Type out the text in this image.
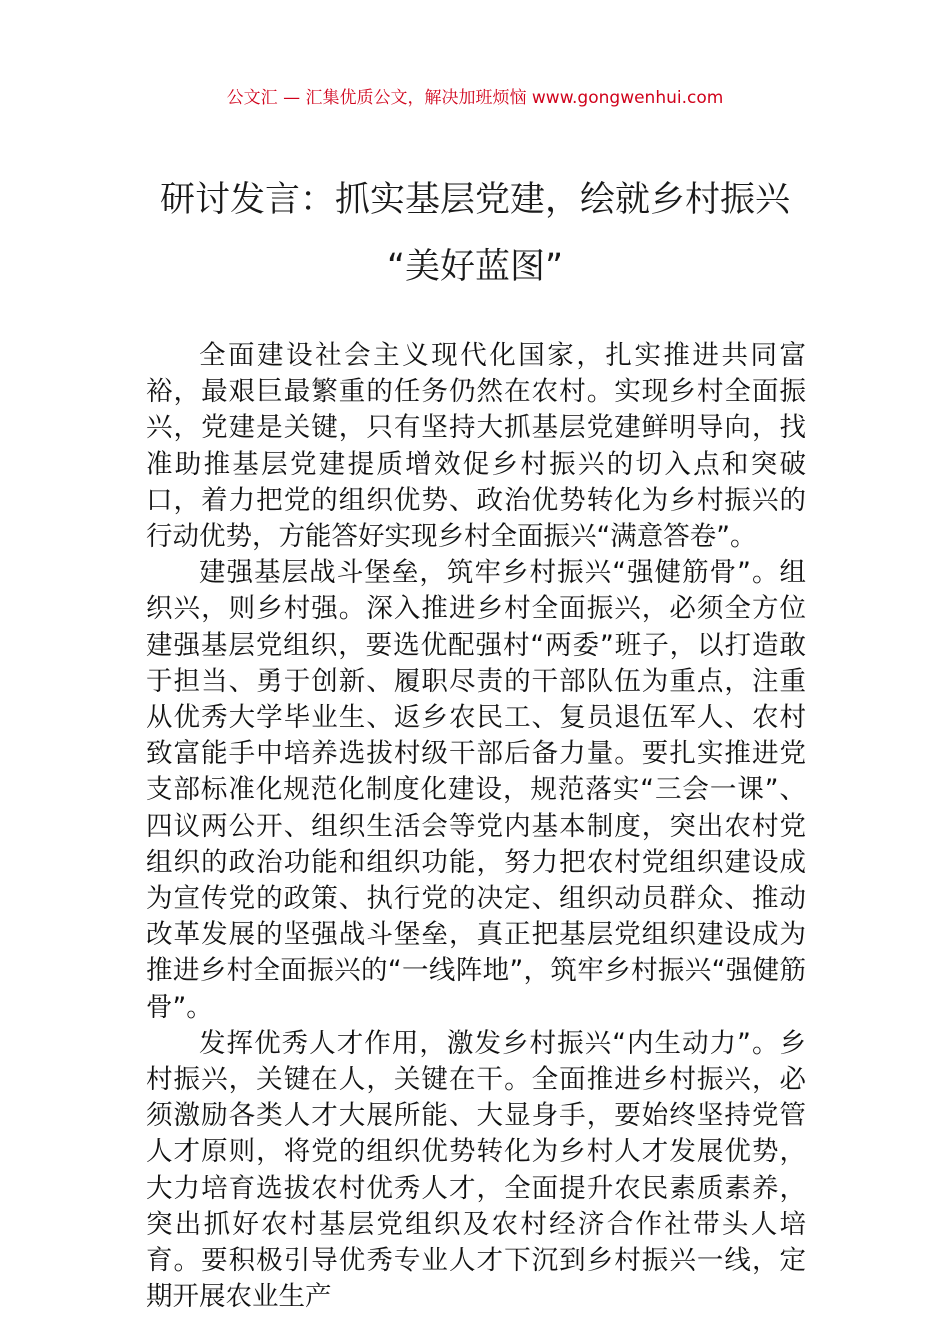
公文汇 — 汇集优质公文，解决加班烦恼 www.gongwenhui.com
研讨发言：抓实基层党建，绘就乡村振兴
“美好蓝图”

全面建设社会主义现代化国家，扎实推进共同富裕，最艰巨最繁重的任务仍然在农村。实现乡村全面振兴，党建是关键，只有坚持大抓基层党建鲜明导向，找准助推基层党建提质增效促乡村振兴的切入点和突破口，着力把党的组织优势、政治优势转化为乡村振兴的行动优势，方能答好实现乡村全面振兴“满意答卷”。

建强基层战斗堡垒，筑牢乡村振兴“强健筋骨”。组织兴，则乡村强。深入推进乡村全面振兴，必须全方位建强基层党组织，要选优配强村“两委”班子，以打造敢于担当、勇于创新、履职尽责的干部队伍为重点，注重从优秀大学毕业生、返乡农民工、复员退伍军人、农村致富能手中培养选拔村级干部后备力量。要扎实推进党支部标准化规范化制度化建设，规范落实“三会一课”、四议两公开、组织生活会等党内基本制度，突出农村党组织的政治功能和组织功能，努力把农村党组织建设成为宣传党的政策、执行党的决定、组织动员群众、推动改革发展的坚强战斗堡垒，真正把基层党组织建设成为推进乡村全面振兴的“一线阵地”，筑牢乡村振兴“强健筋骨”。

发挥优秀人才作用，激发乡村振兴“内生动力”。乡村振兴，关键在人，关键在干。全面推进乡村振兴，必须激励各类人才大展所能、大显身手，要始终坚持党管人才原则，将党的组织优势转化为乡村人才发展优势，大力培育选拔农村优秀人才，全面提升农民素质素养，突出抓好农村基层党组织及农村经济合作社带头人培育。要积极引导优秀专业人才下沉到乡村振兴一线，定期开展农业生产
